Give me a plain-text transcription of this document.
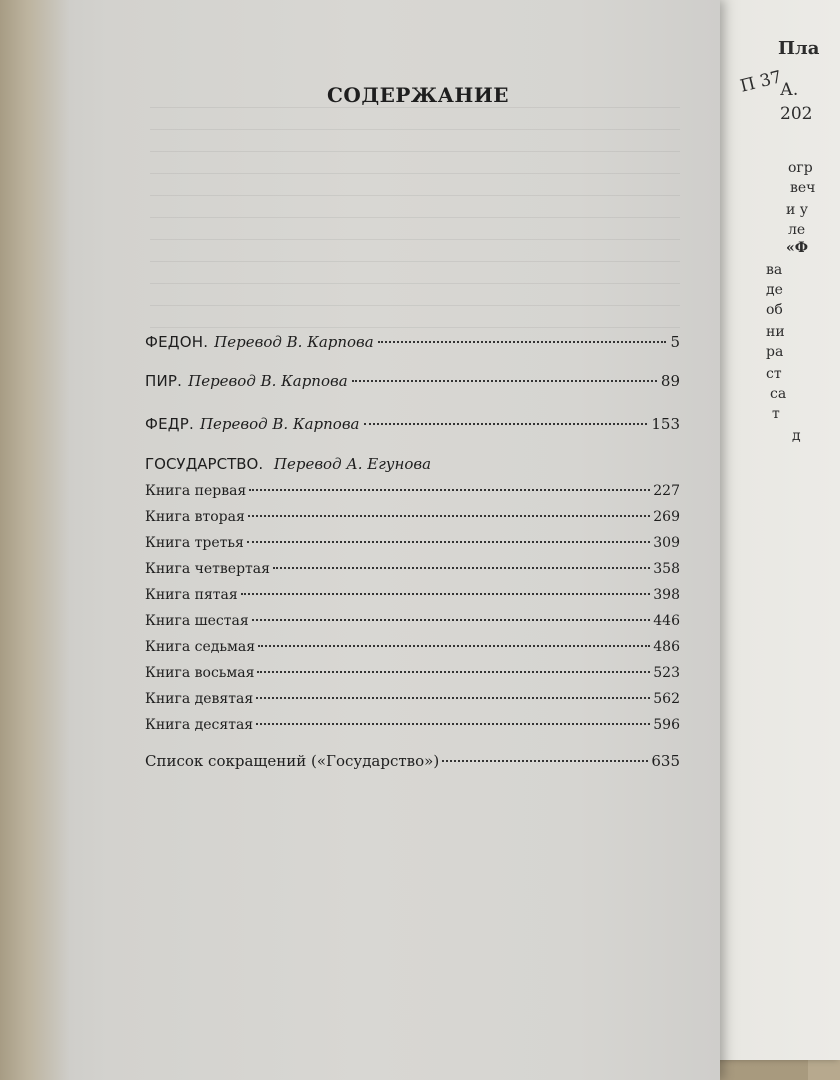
Пла
П 37
А.
202
огр
веч
и у
ле
«Ф
ва
де
об
ни
ра
ст
са
т
д
СОДЕРЖАНИЕ
ФЕДОН. Перевод В. Карпова	5
ПИР. Перевод В. Карпова	89
ФЕДР. Перевод В. Карпова	153
ГОСУДАРСТВО. Перевод А. Егунова
Книга первая	227
Книга вторая	269
Книга третья	309
Книга четвертая	358
Книга пятая	398
Книга шестая	446
Книга седьмая	486
Книга восьмая	523
Книга девятая	562
Книга десятая	596
Список сокращений («Государство»)	635
